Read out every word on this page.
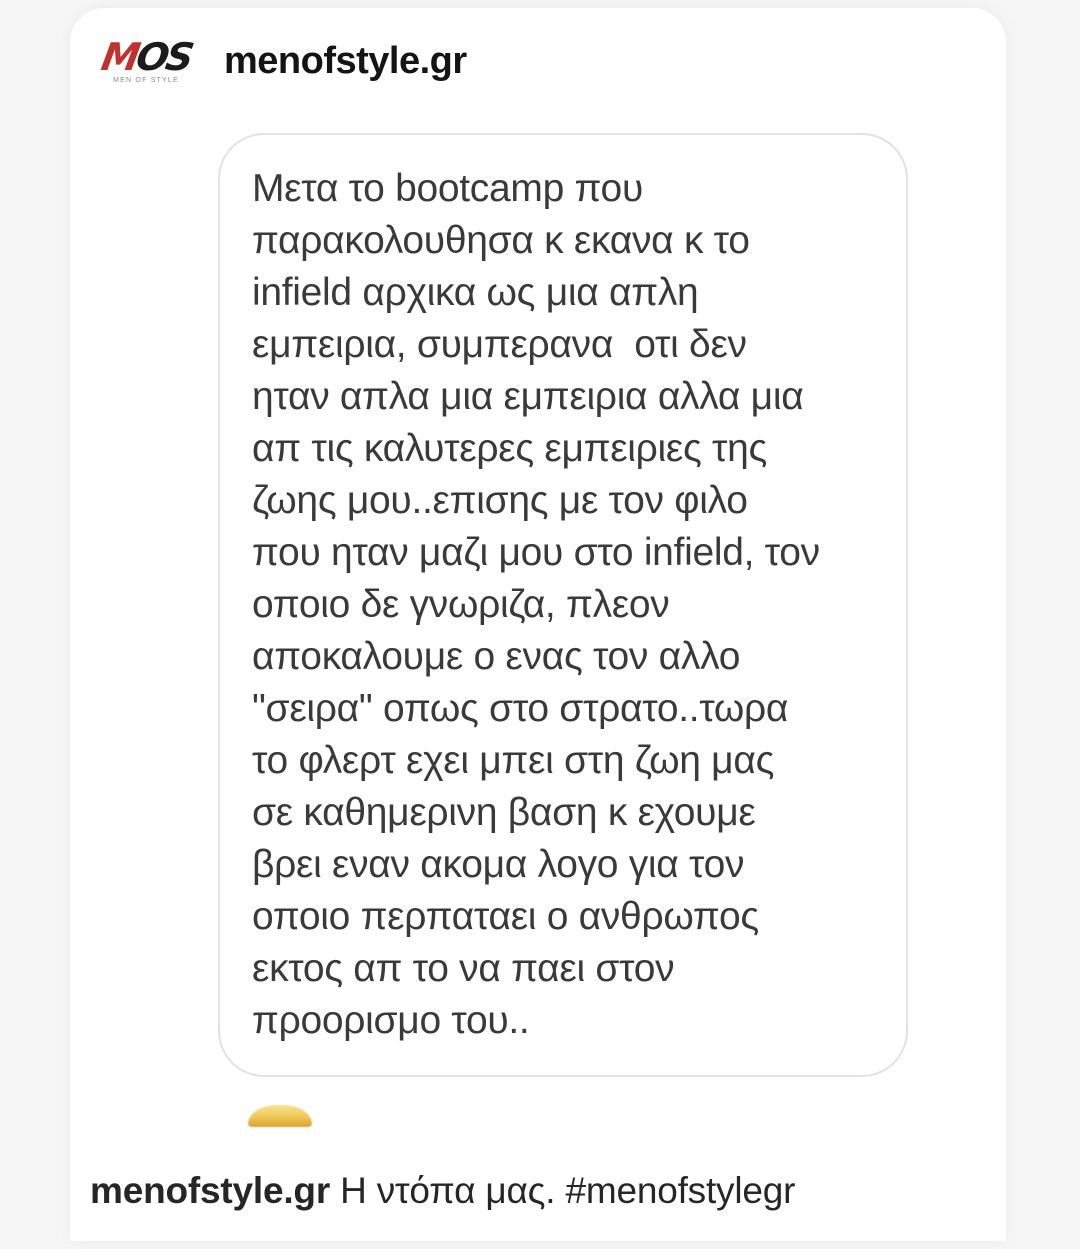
MOS
MEN OF STYLE menofstyle.gr
Μετα το bootcamp που
παρακολουθησα κ εκανα κ το
infield αρχικα ως μια απλη
εμπειρια, συμπερανα  οτι δεν
ηταν απλα μια εμπειρια αλλα μια
απ τις καλυτερες εμπειριες της
ζωης μου..επισης με τον φιλο
που ηταν μαζι μου στο infield, τον
οποιο δε γνωριζα, πλεον
αποκαλουμε ο ενας τον αλλο
"σειρα" οπως στο στρατο..τωρα
το φλερτ εχει μπει στη ζωη μας
σε καθημερινη βαση κ εχουμε
βρει εναν ακομα λογο για τον
οποιο περπαταει ο ανθρωπος
εκτος απ το να παει στον
προορισμο του..
menofstyle.gr Η ντόπα μας. #menofstylegr
